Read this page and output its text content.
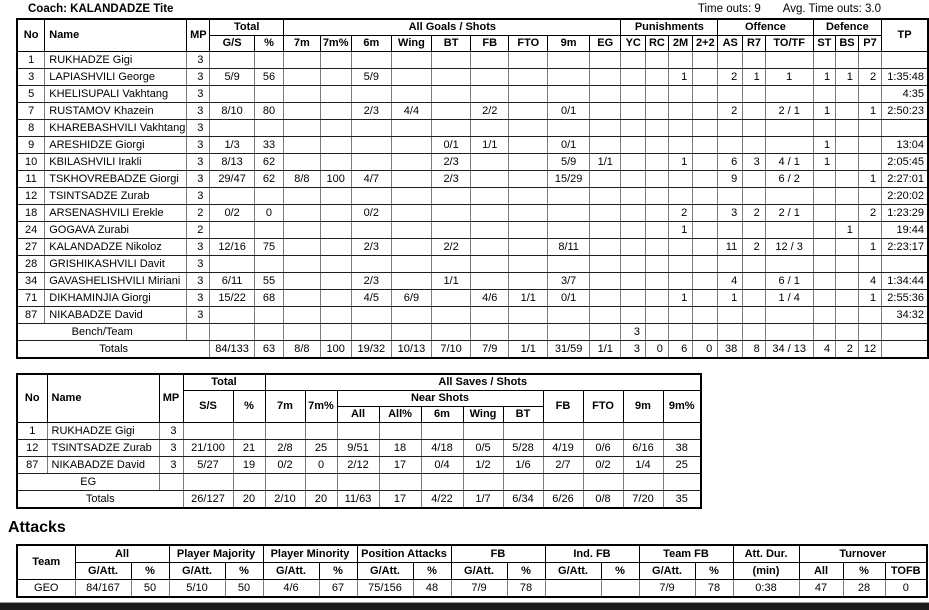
Coach: KALANDADZE Tite	Time outs: 9 Avg. Time outs: 3.0
No	Name	MP	Total		All Goals / Shots									Punishments				Offence			Defence			TP
			G/S	%	7m	7m%	6m	Wing	BT	FB	FTO	9m	EG	YC	RC	2M	2+2	AS	R7	TO/TF	ST	BS	P7	
1	RUKHADZE Gigi	3																						
3	LAPIASHVILI George	3	5/9	56			5/9									1		2	1	1	1	1	2	1:35:48
5	KHELISUPALI Vakhtang	3																						4:35
7	RUSTAMOV Khazein	3	8/10	80			2/3	4/4		2/2		0/1						2		2 / 1	1		1	2:50:23
8	KHAREBASHVILI Vakhtang	3																						
9	ARESHIDZE Giorgi	3	1/3	33					0/1	1/1		0/1									1			13:04
10	KBILASHVILI Irakli	3	8/13	62					2/3			5/9	1/1			1		6	3	4 / 1	1			2:05:45
11	TSKHOVREBADZE Giorgi	3	29/47	62	8/8	100	4/7		2/3			15/29						9		6 / 2			1	2:27:01
12	TSINTSADZE Zurab	3																						2:20:02
18	ARSENASHVILI Erekle	2	0/2	0			0/2									2		3	2	2 / 1			2	1:23:29
24	GOGAVA Zurabi	2														1						1		19:44
27	KALANDADZE Nikoloz	3	12/16	75			2/3		2/2			8/11						11	2	12 / 3			1	2:23:17
28	GRISHIKASHVILI Davit	3																						
34	GAVASHELISHVILI Miriani	3	6/11	55			2/3		1/1			3/7						4		6 / 1			4	1:34:44
71	DIKHAMINJIA Giorgi	3	15/22	68			4/5	6/9		4/6	1/1	0/1				1		1		1 / 4			1	2:55:36
87	NIKABADZE David	3																						34:32
Bench/Team														3										
Totals			84/133	63	8/8	100	19/32	10/13	7/10	7/9	1/1	31/59	1/1	3	0	6	0	38	8	34 / 13	4	2	12	
No	Name	MP	Total		All Saves / Shots										
			S/S	%	7m	7m%	Near Shots					FB	FTO	9m	9m%
							All	All%	6m	Wing	BT				
1	RUKHADZE Gigi	3													
12	TSINTSADZE Zurab	3	21/100	21	2/8	25	9/51	18	4/18	0/5	5/28	4/19	0/6	6/16	38
87	NIKABADZE David	3	5/27	19	0/2	0	2/12	17	0/4	1/2	1/6	2/7	0/2	1/4	25
EG															
Totals			26/127	20	2/10	20	11/63	17	4/22	1/7	6/34	6/26	0/8	7/20	35
Attacks
Team	All		Player Majority		Player Minority		Position Attacks		FB		Ind. FB		Team FB		Att. Dur.	Turnover		
	G/Att.	%	G/Att.	%	G/Att.	%	G/Att.	%	G/Att.	%	G/Att.	%	G/Att.	%	(min)	All	%	TOFB
GEO	84/167	50	5/10	50	4/6	67	75/156	48	7/9	78			7/9	78	0:38	47	28	0
